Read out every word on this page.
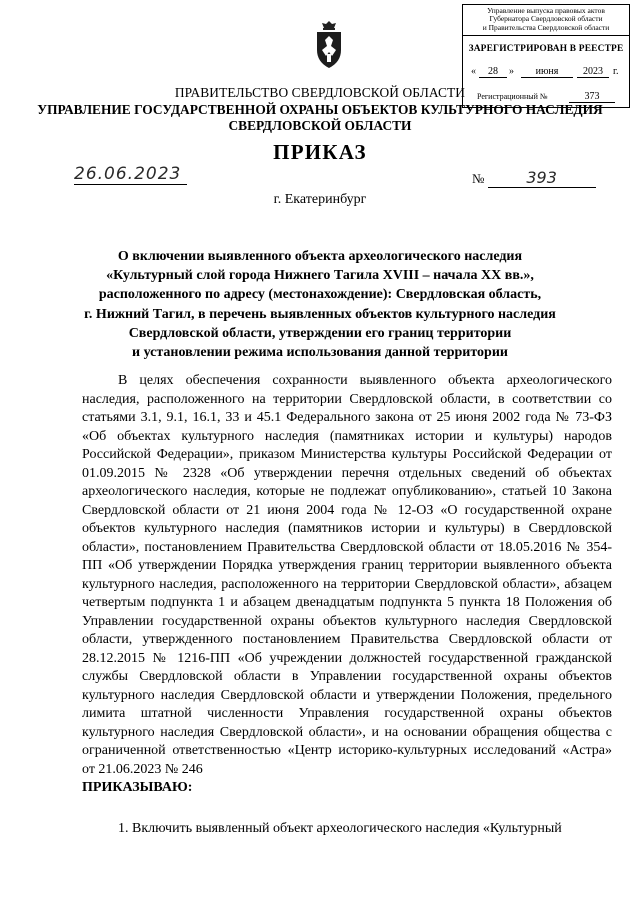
Управление выпуска правовых актов
Губернатора Свердловской области
и Правительства Свердловской области
ЗАРЕГИСТРИРОВАН В РЕЕСТРЕ
«	28	»	июня	2023	г.
Регистрационный №	373
ПРАВИТЕЛЬСТВО СВЕРДЛОВСКОЙ ОБЛАСТИ
УПРАВЛЕНИЕ ГОСУДАРСТВЕННОЙ ОХРАНЫ ОБЪЕКТОВ КУЛЬТУРНОГО НАСЛЕДИЯ
СВЕРДЛОВСКОЙ ОБЛАСТИ
ПРИКАЗ
26.06.2023	№	393
г. Екатеринбург
О включении выявленного объекта археологического наследия
«Культурный слой города Нижнего Тагила XVIII – начала XX вв.»,
расположенного по адресу (местонахождение): Свердловская область,
г. Нижний Тагил, в перечень выявленных объектов культурного наследия
Свердловской области, утверждении его границ территории
и установлении режима использования данной территории

В целях обеспечения сохранности выявленного объекта археологического наследия, расположенного на территории Свердловской области, в соответствии со статьями 3.1, 9.1, 16.1, 33 и 45.1 Федерального закона от 25 июня 2002 года № 73-ФЗ «Об объектах культурного наследия (памятниках истории и культуры) народов Российской Федерации», приказом Министерства культуры Российской Федерации от 01.09.2015 № 2328 «Об утверждении перечня отдельных сведений об объектах археологического наследия, которые не подлежат опубликованию», статьей 10 Закона Свердловской области от 21 июня 2004 года № 12-ОЗ «О государственной охране объектов культурного наследия (памятников истории и культуры) в Свердловской области», постановлением Правительства Свердловской области от 18.05.2016 № 354-ПП «Об утверждении Порядка утверждения границ территории выявленного объекта культурного наследия, расположенного на территории Свердловской области», абзацем четвертым подпункта 1 и абзацем двенадцатым подпункта 5 пункта 18 Положения об Управлении государственной охраны объектов культурного наследия Свердловской области, утвержденного постановлением Правительства Свердловской области от 28.12.2015 № 1216-ПП «Об учреждении должностей государственной гражданской службы Свердловской области в Управлении государственной охраны объектов культурного наследия Свердловской области и утверждении Положения, предельного лимита штатной численности Управления государственной охраны объектов культурного наследия Свердловской области», и на основании обращения общества с ограниченной ответственностью «Центр историко-культурных исследований «Астра» от 21.06.2023 № 246

ПРИКАЗЫВАЮ:
1. Включить выявленный объект археологического наследия «Культурный
